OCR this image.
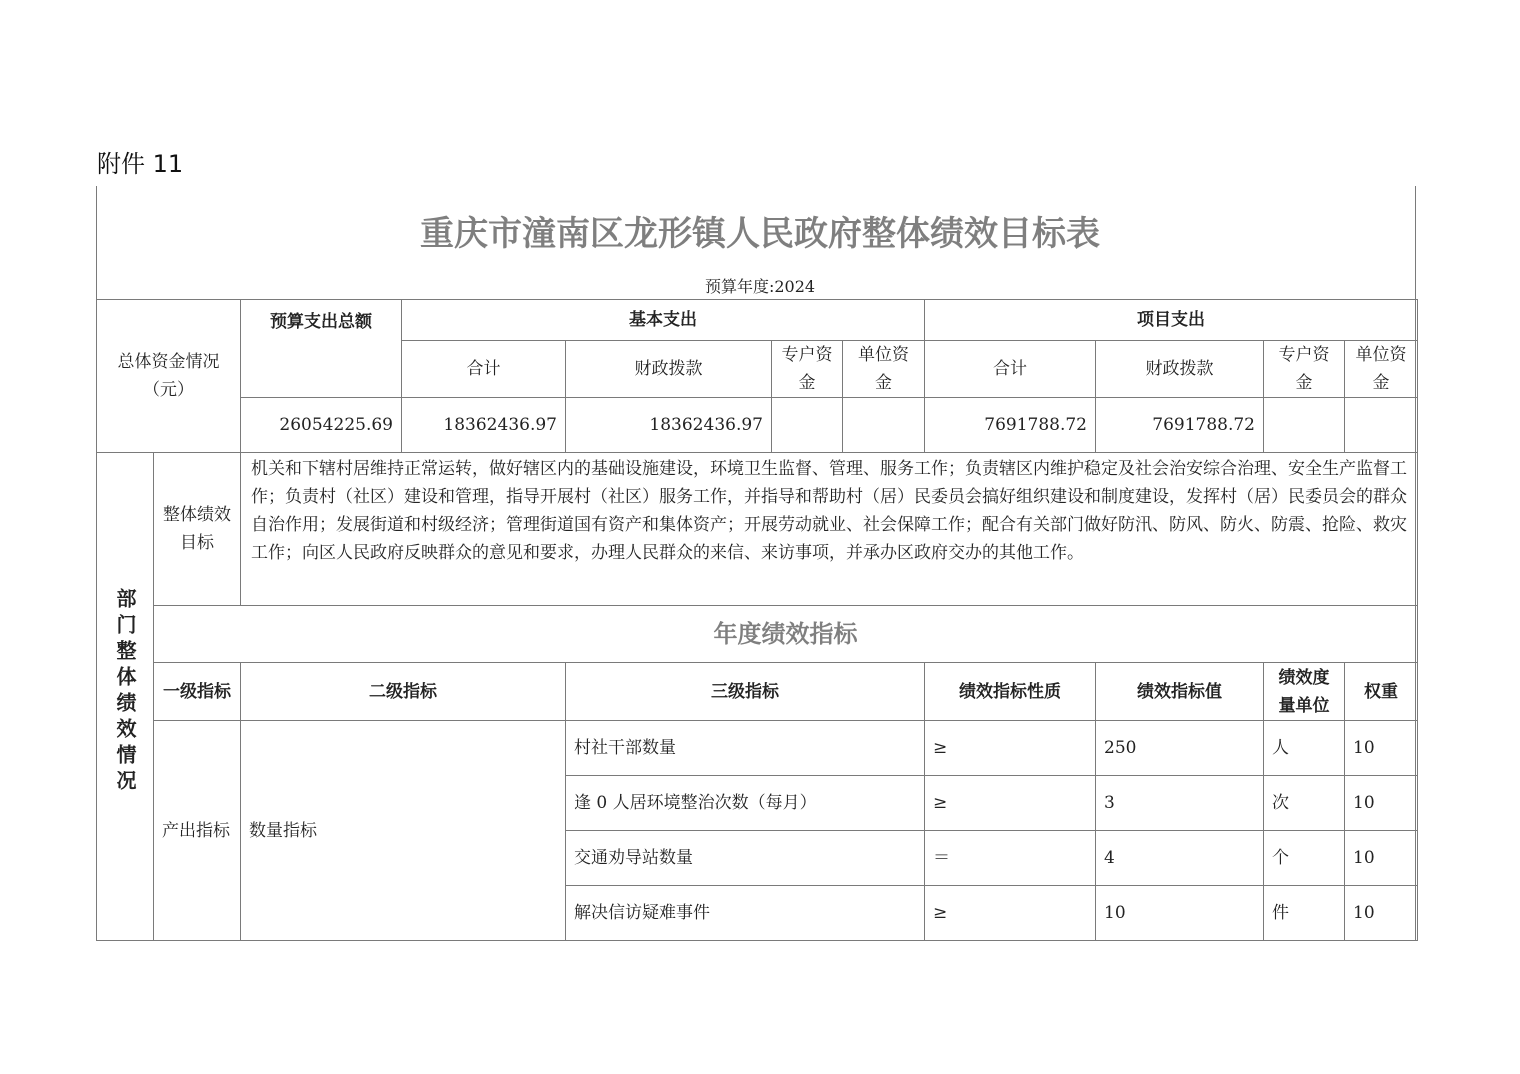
附件 11
重庆市潼南区龙形镇人民政府整体绩效目标表
预算年度:2024
总体资金情况（元）		预算支出总额	基本支出				项目支出			
			合计	财政拨款	专户资金	单位资金	合计	财政拨款	专户资金	单位资金
		26054225.69	18362436.97	18362436.97			7691788.72	7691788.72		
部门整体绩效情况	整体绩效目标	机关和下辖村居维持正常运转，做好辖区内的基础设施建设，环境卫生监督、管理、服务工作；负责辖区内维护稳定及社会治安综合治理、安全生产监督工作；负责村（社区）建设和管理，指导开展村（社区）服务工作，并指导和帮助村（居）民委员会搞好组织建设和制度建设，发挥村（居）民委员会的群众自治作用；发展街道和村级经济；管理街道国有资产和集体资产；开展劳动就业、社会保障工作；配合有关部门做好防汛、防风、防火、防震、抢险、救灾工作；向区人民政府反映群众的意见和要求，办理人民群众的来信、来访事项，并承办区政府交办的其他工作。								
	年度绩效指标									
	一级指标	二级指标		三级指标			绩效指标性质	绩效指标值	绩效度量单位	权重
	产出指标	数量指标		村社干部数量			≥	250	人	10
				逢 0 人居环境整治次数（每月）			≥	3	次	10
				交通劝导站数量			＝	4	个	10
				解决信访疑难事件			≥	10	件	10
